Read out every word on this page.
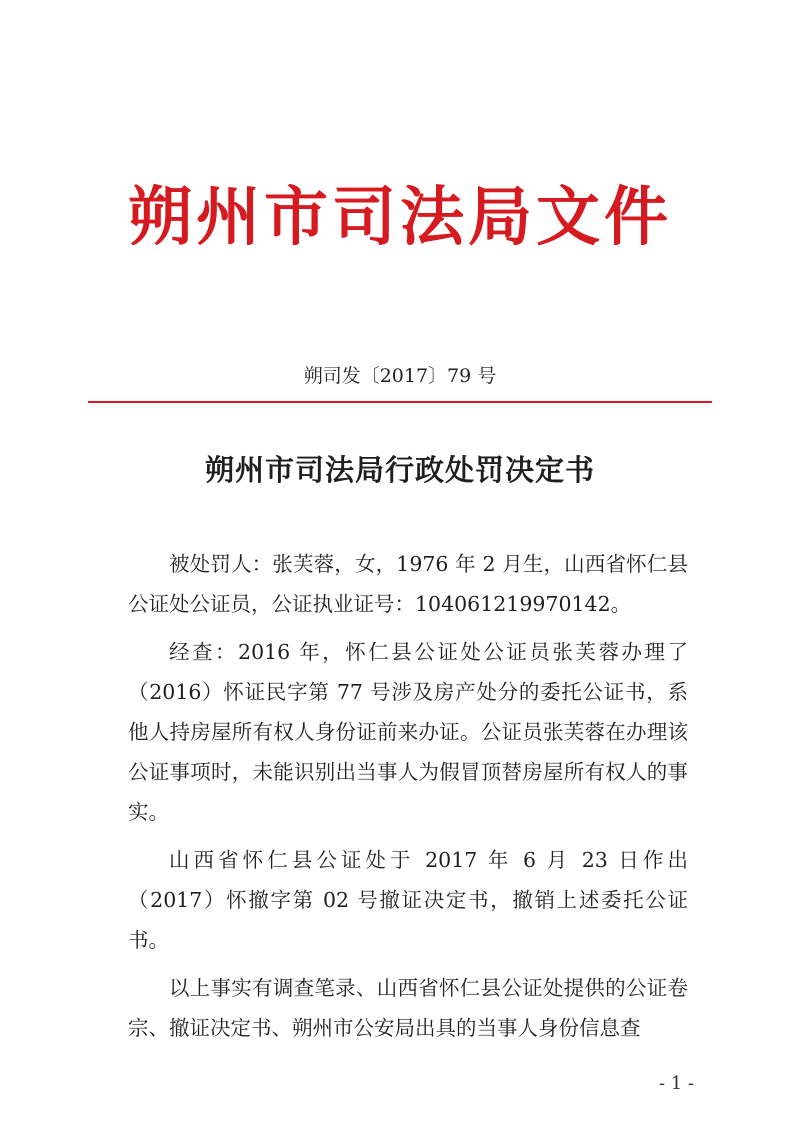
朔州市司法局文件
朔司发〔2017〕79 号
朔州市司法局行政处罚决定书

被处罚人：张芙蓉，女，1976 年 2 月生，山西省怀仁县公证处公证员，公证执业证号：104061219970142。

经查：2016 年，怀仁县公证处公证员张芙蓉办理了（2016）怀证民字第 77 号涉及房产处分的委托公证书，系他人持房屋所有权人身份证前来办证。公证员张芙蓉在办理该公证事项时，未能识别出当事人为假冒顶替房屋所有权人的事实。

山西省怀仁县公证处于 2017 年 6 月 23 日作出（2017）怀撤字第 02 号撤证决定书，撤销上述委托公证书。

以上事实有调查笔录、山西省怀仁县公证处提供的公证卷宗、撤证决定书、朔州市公安局出具的当事人身份信息查

- 1 -
